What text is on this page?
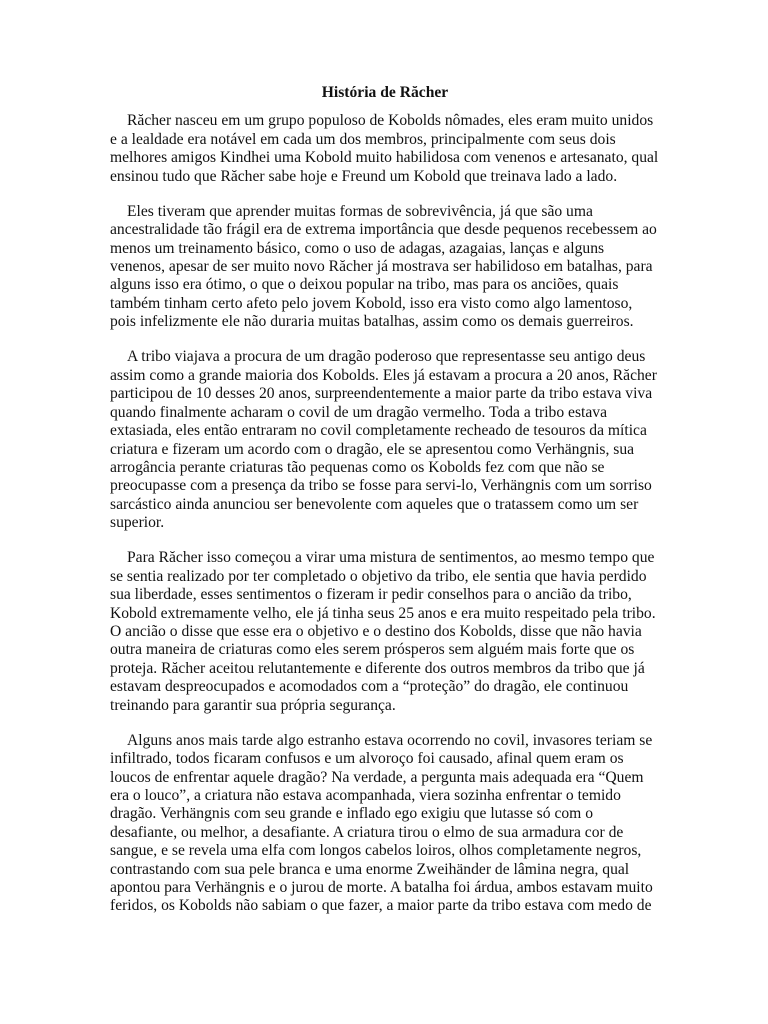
História de Răcher

Răcher nasceu em um grupo populoso de Kobolds nômades, eles eram muito unidos e a lealdade era notável em cada um dos membros, principalmente com seus dois melhores amigos Kindhei uma Kobold muito habilidosa com venenos e artesanato, qual ensinou tudo que Răcher sabe hoje e Freund um Kobold que treinava lado a lado.

Eles tiveram que aprender muitas formas de sobrevivência, já que são uma ancestralidade tão frágil era de extrema importância que desde pequenos recebessem ao menos um treinamento básico, como o uso de adagas, azagaias, lanças e alguns venenos, apesar de ser muito novo Răcher já mostrava ser habilidoso em batalhas, para alguns isso era ótimo, o que o deixou popular na tribo, mas para os anciões, quais também tinham certo afeto pelo jovem Kobold, isso era visto como algo lamentoso, pois infelizmente ele não duraria muitas batalhas, assim como os demais guerreiros.

A tribo viajava a procura de um dragão poderoso que representasse seu antigo deus assim como a grande maioria dos Kobolds. Eles já estavam a procura a 20 anos, Răcher participou de 10 desses 20 anos, surpreendentemente a maior parte da tribo estava viva quando finalmente acharam o covil de um dragão vermelho. Toda a tribo estava extasiada, eles então entraram no covil completamente recheado de tesouros da mítica criatura e fizeram um acordo com o dragão, ele se apresentou como Verhängnis, sua arrogância perante criaturas tão pequenas como os Kobolds fez com que não se preocupasse com a presença da tribo se fosse para servi-lo, Verhängnis com um sorriso sarcástico ainda anunciou ser benevolente com aqueles que o tratassem como um ser superior.

Para Răcher isso começou a virar uma mistura de sentimentos, ao mesmo tempo que se sentia realizado por ter completado o objetivo da tribo, ele sentia que havia perdido sua liberdade, esses sentimentos o fizeram ir pedir conselhos para o ancião da tribo, Kobold extremamente velho, ele já tinha seus 25 anos e era muito respeitado pela tribo. O ancião o disse que esse era o objetivo e o destino dos Kobolds, disse que não havia outra maneira de criaturas como eles serem prósperos sem alguém mais forte que os proteja. Răcher aceitou relutantemente e diferente dos outros membros da tribo que já estavam despreocupados e acomodados com a “proteção” do dragão, ele continuou treinando para garantir sua própria segurança.

Alguns anos mais tarde algo estranho estava ocorrendo no covil, invasores teriam se infiltrado, todos ficaram confusos e um alvoroço foi causado, afinal quem eram os loucos de enfrentar aquele dragão? Na verdade, a pergunta mais adequada era “Quem era o louco”, a criatura não estava acompanhada, viera sozinha enfrentar o temido dragão. Verhängnis com seu grande e inflado ego exigiu que lutasse só com o desafiante, ou melhor, a desafiante. A criatura tirou o elmo de sua armadura cor de sangue, e se revela uma elfa com longos cabelos loiros, olhos completamente negros, contrastando com sua pele branca e uma enorme Zweihänder de lâmina negra, qual apontou para Verhängnis e o jurou de morte. A batalha foi árdua, ambos estavam muito feridos, os Kobolds não sabiam o que fazer, a maior parte da tribo estava com medo de
